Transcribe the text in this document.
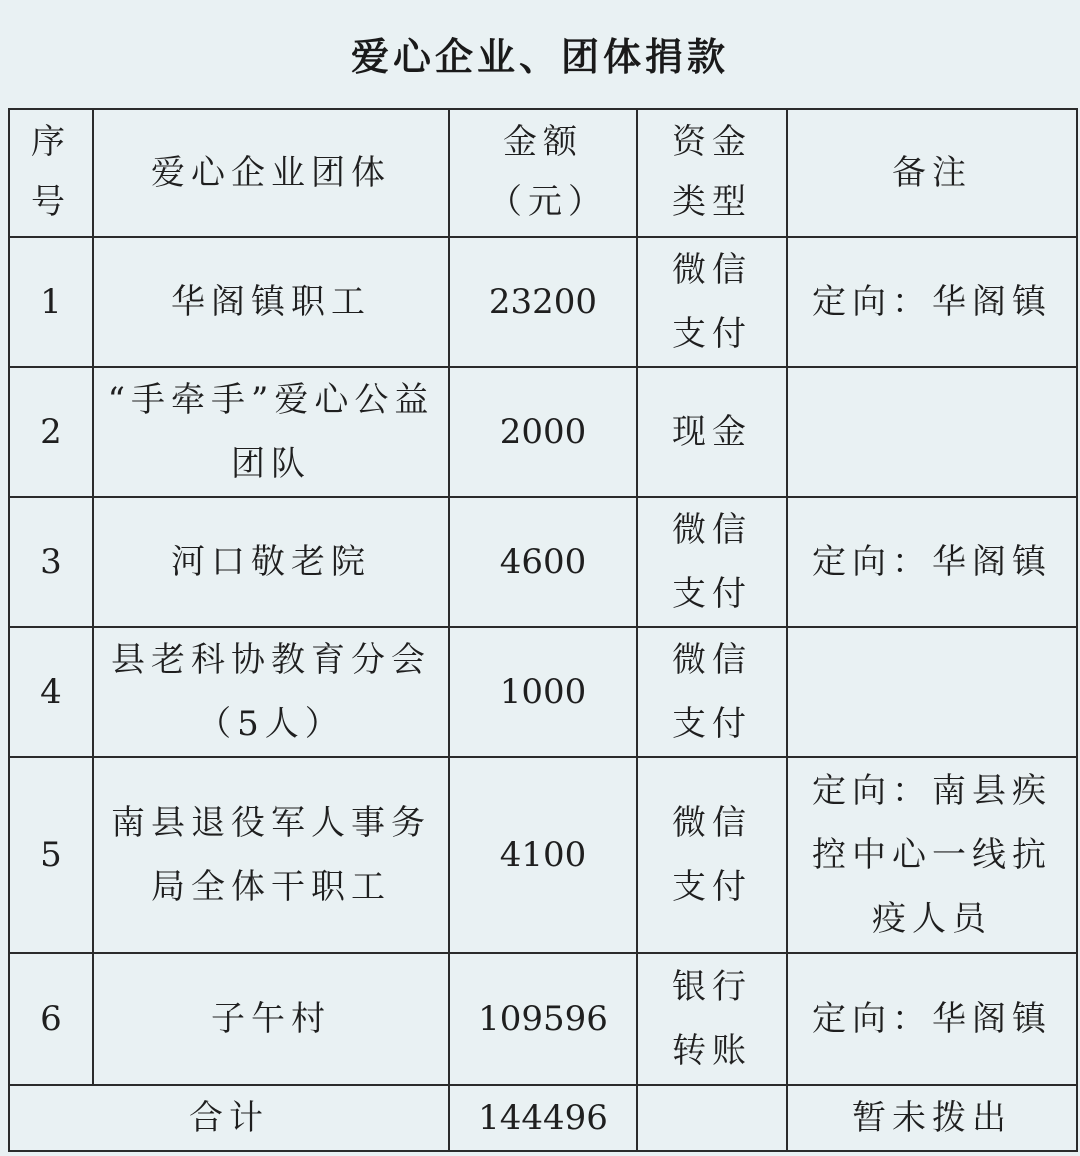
爱心企业、团体捐款
序号	爱心企业团体	金额（元）	资金类型	备注
1	华阁镇职工	23200	微信支付	定向：华阁镇
2	“手牵手”爱心公益团队	2000	现金	
3	河口敬老院	4600	微信支付	定向：华阁镇
4	县老科协教育分会（5人）	1000	微信支付	
5	南县退役军人事务局全体干职工	4100	微信支付	定向：南县疾控中心一线抗疫人员
6	子午村	109596	银行转账	定向：华阁镇
合计		144496		暂未拨出
